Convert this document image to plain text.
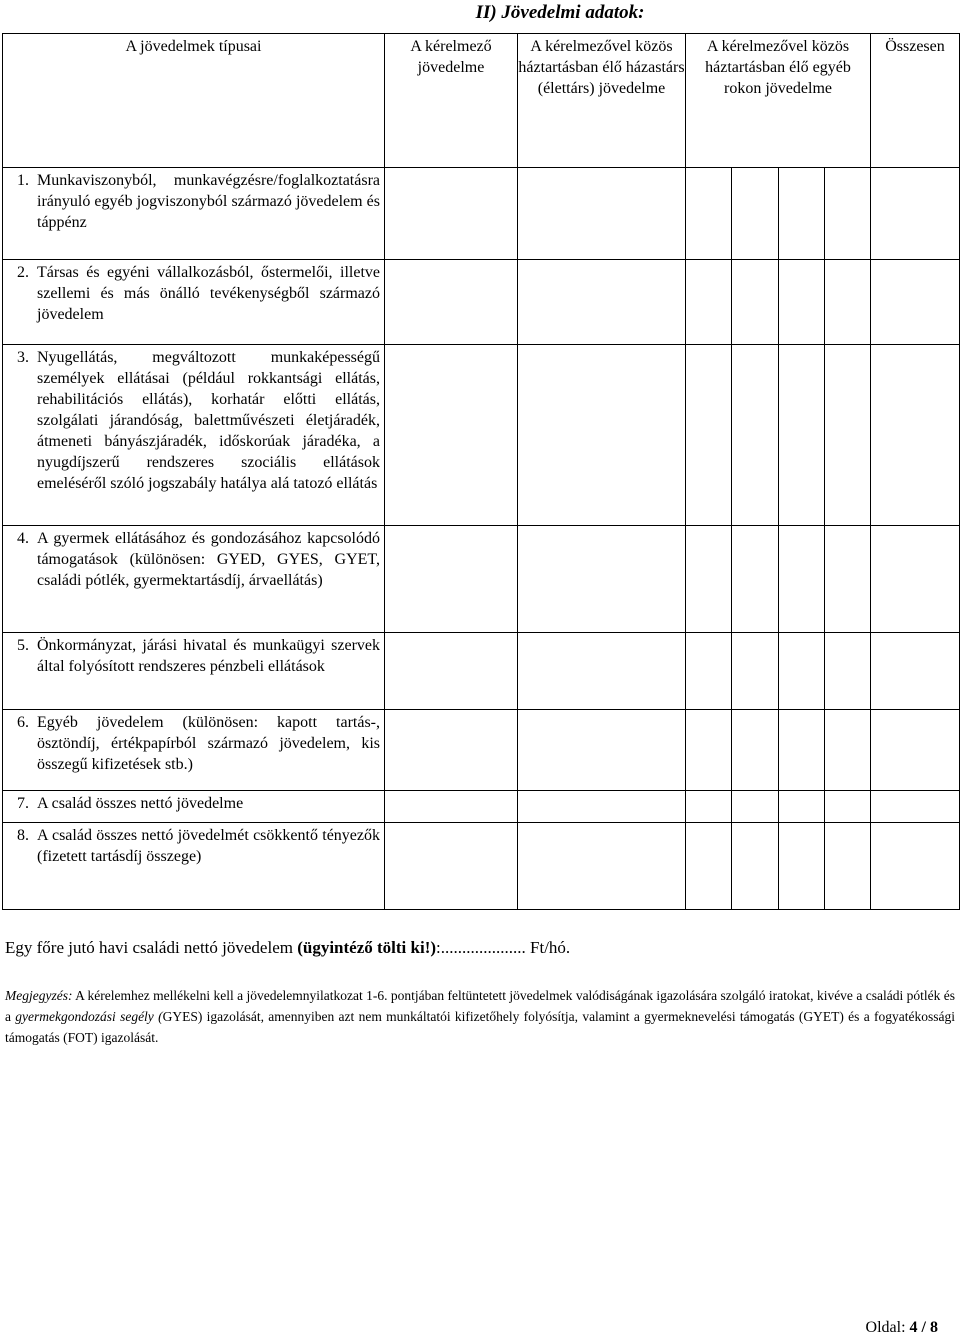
II) Jövedelmi adatok:
A jövedelmek típusai	A kérelmező jövedelme	A kérelmezővel közös háztartásban élő házastárs (élettárs) jövedelme	A kérelmezővel közös háztartásban élő egyéb rokon jövedelme	Összesen

1. Munkaviszonyból, munkavégzésre/foglalkoztatásra irányuló egyéb jogviszonyból származó jövedelem és táppénz				

2. Társas és egyéni vállalkozásból, őstermelői, illetve szellemi és más önálló tevékenységből származó jövedelem				

3. Nyugellátás, megváltozott munkaképességű személyek ellátásai (például rokkantsági ellátás, rehabilitációs ellátás), korhatár előtti ellátás, szolgálati járandóság, balettművészeti életjáradék, átmeneti bányászjáradék, időskorúak járadéka, a nyugdíjszerű rendszeres szociális ellátások emeléséről szóló jogszabály hatálya alá tatozó ellátás				

4. A gyermek ellátásához és gondozásához kapcsolódó támogatások (különösen: GYED, GYES, GYET, családi pótlék, gyermektartásdíj, árvaellátás)				

5. Önkormányzat, járási hivatal és munkaügyi szervek által folyósított rendszeres pénzbeli ellátások				

6. Egyéb jövedelem (különösen: kapott tartás-, ösztöndíj, értékpapírból származó jövedelem, kis összegű kifizetések stb.)				

7. A család összes nettó jövedelme				

8. A család összes nettó jövedelmét csökkentő tényezők (fizetett tartásdíj összege)				

Egy főre jutó havi családi nettó jövedelem (ügyintéző tölti ki!):.................... Ft/hó.
Megjegyzés: A kérelemhez mellékelni kell a jövedelemnyilatkozat 1-6. pontjában feltüntetett jövedelmek valódiságának igazolására szolgáló iratokat, kivéve a családi pótlék és a gyermekgondozási segély (GYES) igazolását, amennyiben azt nem munkáltatói kifizetőhely folyósítja, valamint a gyermeknevelési támogatás (GYET) és a fogyatékossági támogatás (FOT) igazolását.
Oldal: 4 / 8
